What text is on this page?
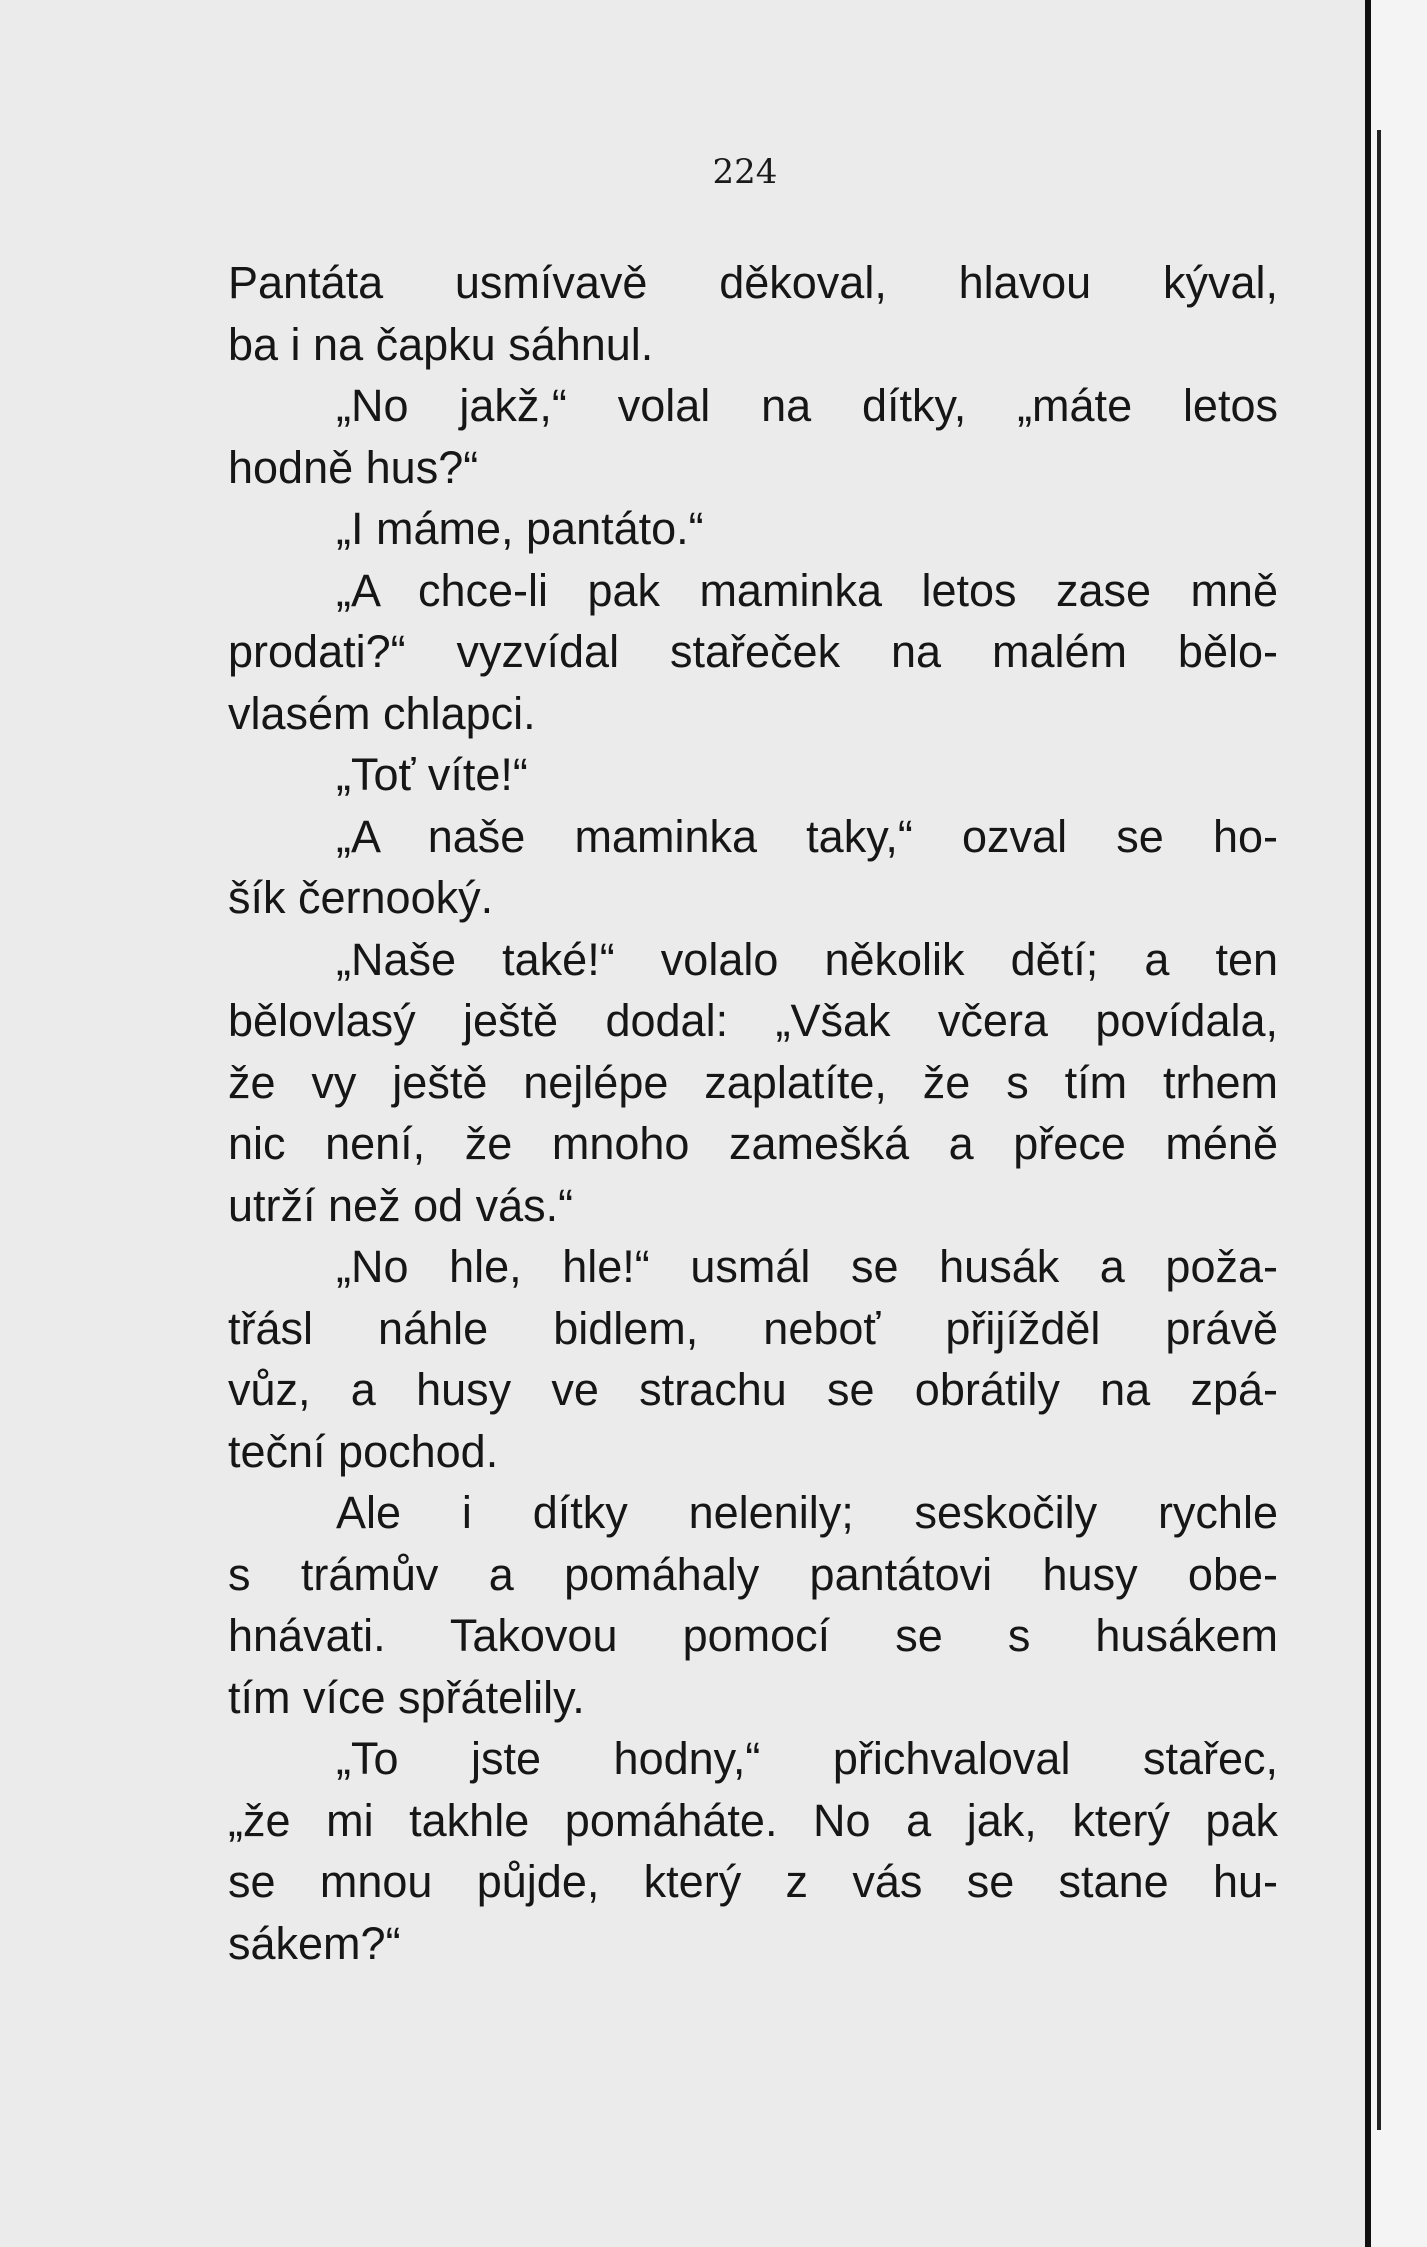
224
Pantáta usmívavě děkoval, hlavou kýval,
ba i na čapku sáhnul.
„No jakž,“ volal na dítky, „máte letos
hodně hus?“
„I máme, pantáto.“
„A chce-li pak maminka letos zase mně
prodati?“ vyzvídal stařeček na malém bělo-
vlasém chlapci.
„Toť víte!“
„A naše maminka taky,“ ozval se ho-
šík černooký.
„Naše také!“ volalo několik dětí; a ten
bělovlasý ještě dodal: „Však včera povídala,
že vy ještě nejlépe zaplatíte, že s tím trhem
nic není, že mnoho zamešká a přece méně
utrží než od vás.“
„No hle, hle!“ usmál se husák a poža-
třásl náhle bidlem, neboť přijížděl právě
vůz, a husy ve strachu se obrátily na zpá-
teční pochod.
Ale i dítky nelenily; seskočily rychle
s trámův a pomáhaly pantátovi husy obe-
hnávati. Takovou pomocí se s husákem
tím více spřátelily.
„To jste hodny,“ přichvaloval stařec,
„že mi takhle pomáháte. No a jak, který pak
se mnou půjde, který z vás se stane hu-
sákem?“
